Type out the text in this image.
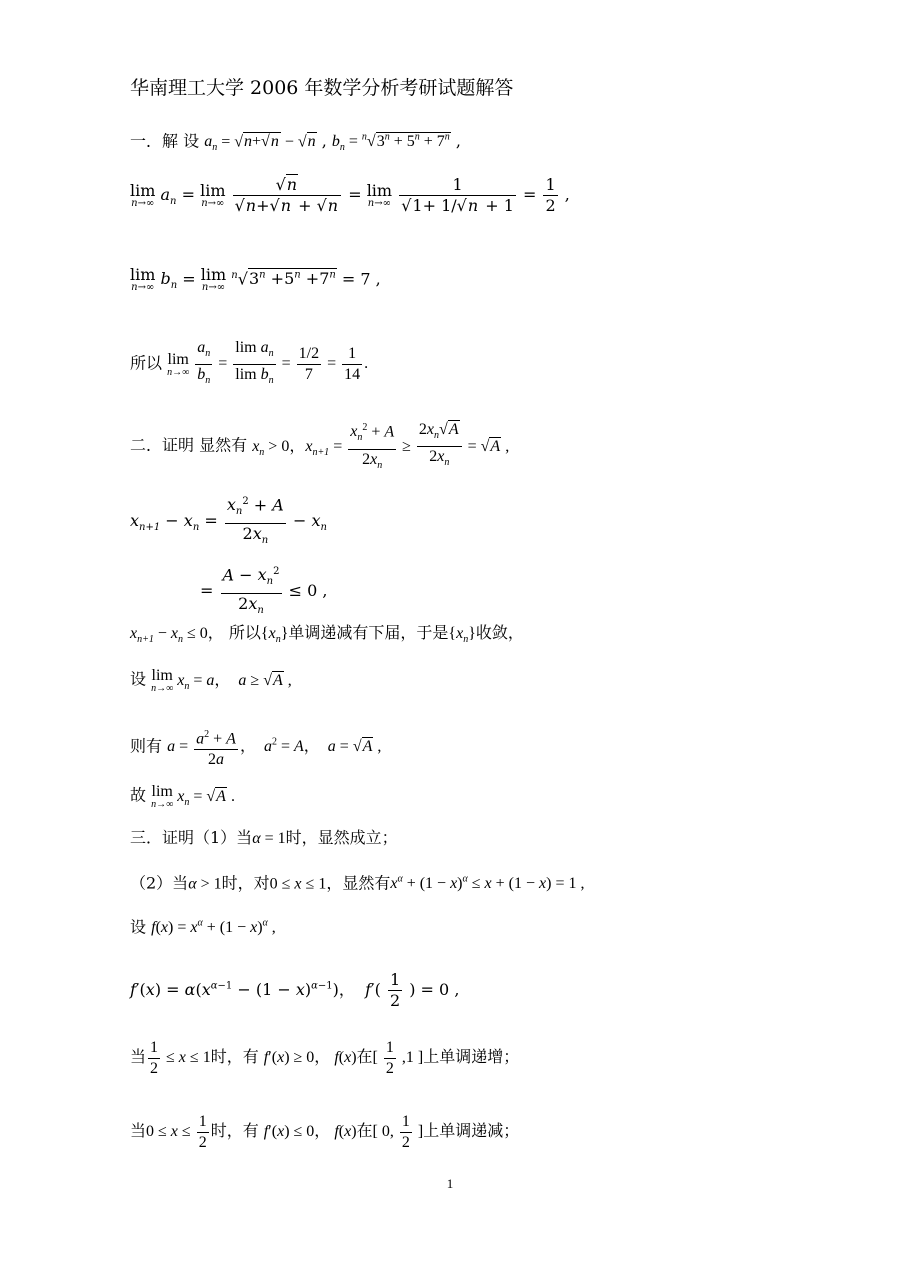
华南理工大学 2006 年数学分析考研试题解答
一．解 设 $a_n = √n+√n - √n$ , $b_n = ^n√3^n + 5^n + 7^n$ ,
lim
n→∞ $a_n = \lim$
n→∞
$\frac{√n}{√n+√n + √n} = \lim$
n→∞
$\frac{1}{√1+ 1/√n + 1} = \frac{1}{2}$ ,
lim
n→∞ $b_n = \lim$
n→∞
$^n√3^n +5^n +7^n = 7$ ,
所以 lim
n→∞
$\frac{a_n}{b_n} = \frac{\lim a_n}{\lim b_n} = \frac{1/2}{7} = \frac{1}{14}$ .
二．证明 显然有 $x_n > 0$，$x_{n+1} = \frac{x_n^2 + A}{2x_n} \ge \frac{2x_n√A}{2x_n} = √A$ ,
$x_{n+1} - x_n = \frac{x_n^2 + A}{2x_n} - x_n$
= $\frac{A - x_n^2}{2x_n} \le 0$ ,
$x_{n+1} - x_n \le 0$， 所以$\{x_n\}$单调递减有下届，于是$\{x_n\}$收敛，
设 lim
n→∞ $x_n = a$，  a ≥ √A ,
则有 $a = \frac{a^2 + A}{2a}$ ，  $a^2 = A$，  a = √A ,
故 lim
n→∞ $x_n = √A$ .
三．证明（1）当α = 1时，显然成立；
（2）当α > 1时，对0 ≤ x ≤ 1，显然有$x^\alpha + (1 - x)^\alpha \le x + (1 - x) = 1$ ,
设 $f(x) = x^\alpha + (1 - x)^\alpha$ ,
$f'(x) = \alpha(x^{\alpha-1} - (1 - x)^{\alpha-1})$，  $f'( \frac{1}{2}$ ) = 0 ,
当 $\frac{1}{2} \le x \le 1$时，有 f′(x) ≥ 0， f(x)在[ $\frac{1}{2} ,1$ ]上单调递增；
当$0 \le x \le \frac{1}{2}$ 时，有 f′(x) ≤ 0， f(x)在[ 0, $\frac{1}{2}$ ]上单调递减；
1
